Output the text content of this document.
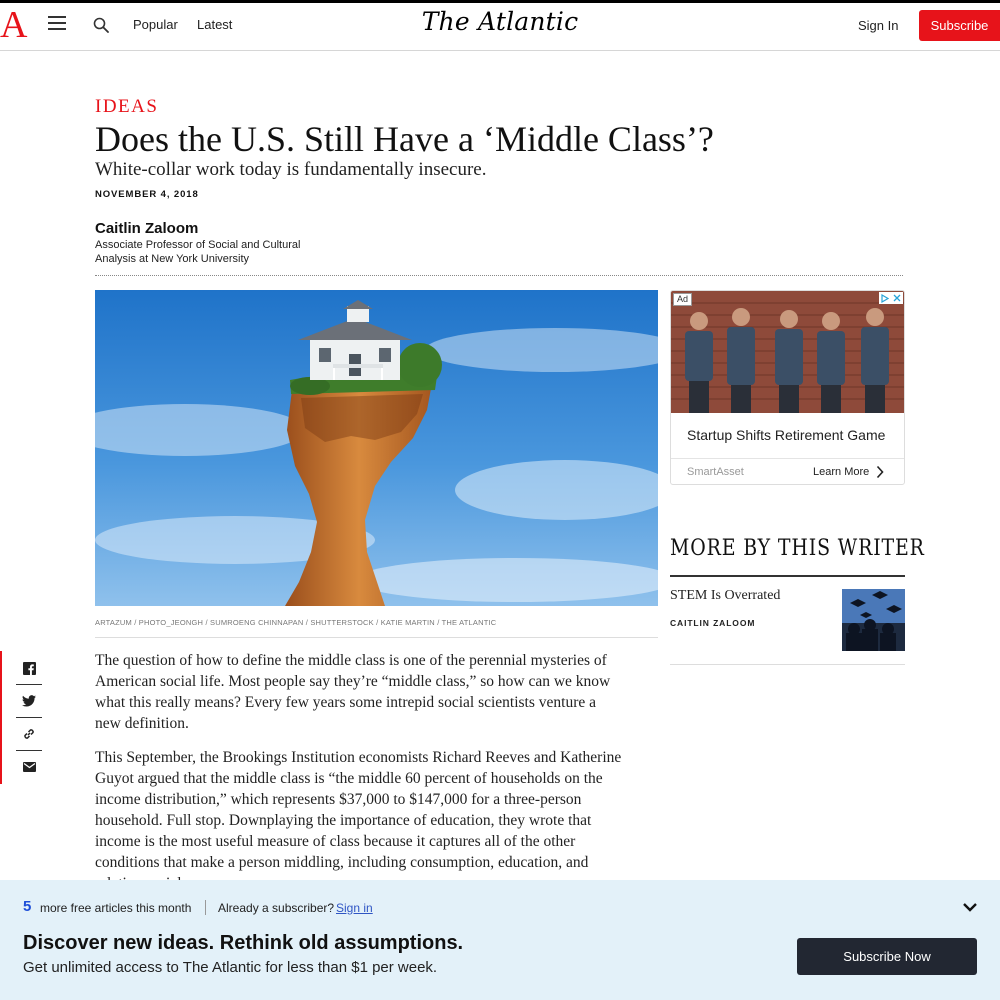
A	Popular Latest	The Atlantic	Sign In	Subscribe
IDEAS
Does the U.S. Still Have a ‘Middle Class’?
White-collar work today is fundamentally insecure.
NOVEMBER 4, 2018
Caitlin Zaloom
Associate Professor of Social and Cultural Analysis at New York University
ARTAZUM / PHOTO_JEONGH / SUMROENG CHINNAPAN / SHUTTERSTOCK / KATIE MARTIN / THE ATLANTIC

The question of how to define the middle class is one of the perennial mysteries of American social life. Most people say they’re “middle class,” so how can we know what this really means? Every few years some intrepid social scientists venture a new definition.

This September, the Brookings Institution economists Richard Reeves and Katherine Guyot argued that the middle class is “the middle 60 percent of households on the income distribution,” which represents $37,000 to $147,000 for a three-person household. Full stop. Downplaying the importance of education, they wrote that income is the most useful measure of class because it captures all of the other conditions that make a person middling, including consumption, education, and

Ad
Startup Shifts Retirement Game
SmartAsset	Learn More
MORE BY THIS WRITER
STEM Is Overrated
CAITLIN ZALOOM
5 more free articles this month Already a subscriber? Sign in
Discover new ideas. Rethink old assumptions.
Get unlimited access to The Atlantic for less than $1 per week.
Subscribe Now
